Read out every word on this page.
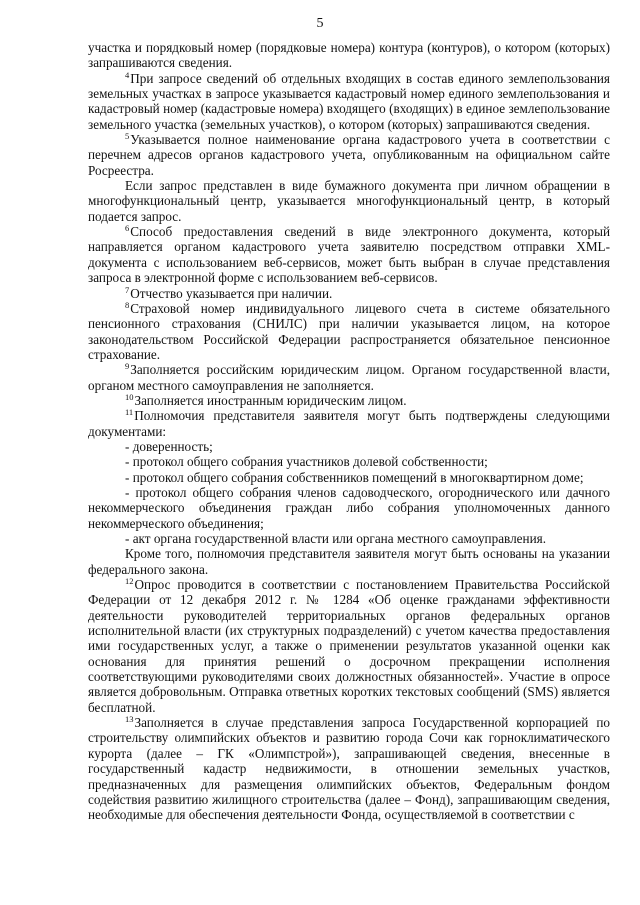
5

участка и порядковый номер (порядковые номера) контура (контуров), о котором (которых) запрашиваются сведения.

$^4$При запросе сведений об отдельных входящих в состав единого землепользования земельных участках в запросе указывается кадастровый номер единого землепользования и кадастровый номер (кадастровые номера) входящего (входящих) в единое землепользование земельного участка (земельных участков), о котором (которых) запрашиваются сведения.

$^5$Указывается полное наименование органа кадастрового учета в соответствии с перечнем адресов органов кадастрового учета, опубликованным на официальном сайте Росреестра.

Если запрос представлен в виде бумажного документа при личном обращении в многофункциональный центр, указывается многофункциональный центр, в который подается запрос.

$^6$Способ предоставления сведений в виде электронного документа, который направляется органом кадастрового учета заявителю посредством отправки XML-документа с использованием веб-сервисов, может быть выбран в случае представления запроса в электронной форме с использованием веб-сервисов.

$^7$Отчество указывается при наличии.

$^8$Страховой номер индивидуального лицевого счета в системе обязательного пенсионного страхования (СНИЛС) при наличии указывается лицом, на которое законодательством Российской Федерации распространяется обязательное пенсионное страхование.

$^9$Заполняется российским юридическим лицом. Органом государственной власти, органом местного самоуправления не заполняется.

$^{10}$Заполняется иностранным юридическим лицом.

$^{11}$Полномочия представителя заявителя могут быть подтверждены следующими документами:

- доверенность;

- протокол общего собрания участников долевой собственности;

- протокол общего собрания собственников помещений в многоквартирном доме;

- протокол общего собрания членов садоводческого, огороднического или дачного некоммерческого объединения граждан либо собрания уполномоченных данного некоммерческого объединения;

- акт органа государственной власти или органа местного самоуправления.

Кроме того, полномочия представителя заявителя могут быть основаны на указании федерального закона.

$^{12}$Опрос проводится в соответствии с постановлением Правительства Российской Федерации от 12 декабря 2012 г. № 1284 «Об оценке гражданами эффективности деятельности руководителей территориальных органов федеральных органов исполнительной власти (их структурных подразделений) с учетом качества предоставления ими государственных услуг, а также о применении результатов указанной оценки как основания для принятия решений о досрочном прекращении исполнения соответствующими руководителями своих должностных обязанностей». Участие в опросе является добровольным. Отправка ответных коротких текстовых сообщений (SMS) является бесплатной.

$^{13}$Заполняется в случае представления запроса Государственной корпорацией по строительству олимпийских объектов и развитию города Сочи как горноклиматического курорта (далее – ГК «Олимпстрой»), запрашивающей сведения, внесенные в государственный кадастр недвижимости, в отношении земельных участков, предназначенных для размещения олимпийских объектов, Федеральным фондом содействия развитию жилищного строительства (далее – Фонд), запрашивающим сведения, необходимые для обеспечения деятельности Фонда, осуществляемой в соответствии с
